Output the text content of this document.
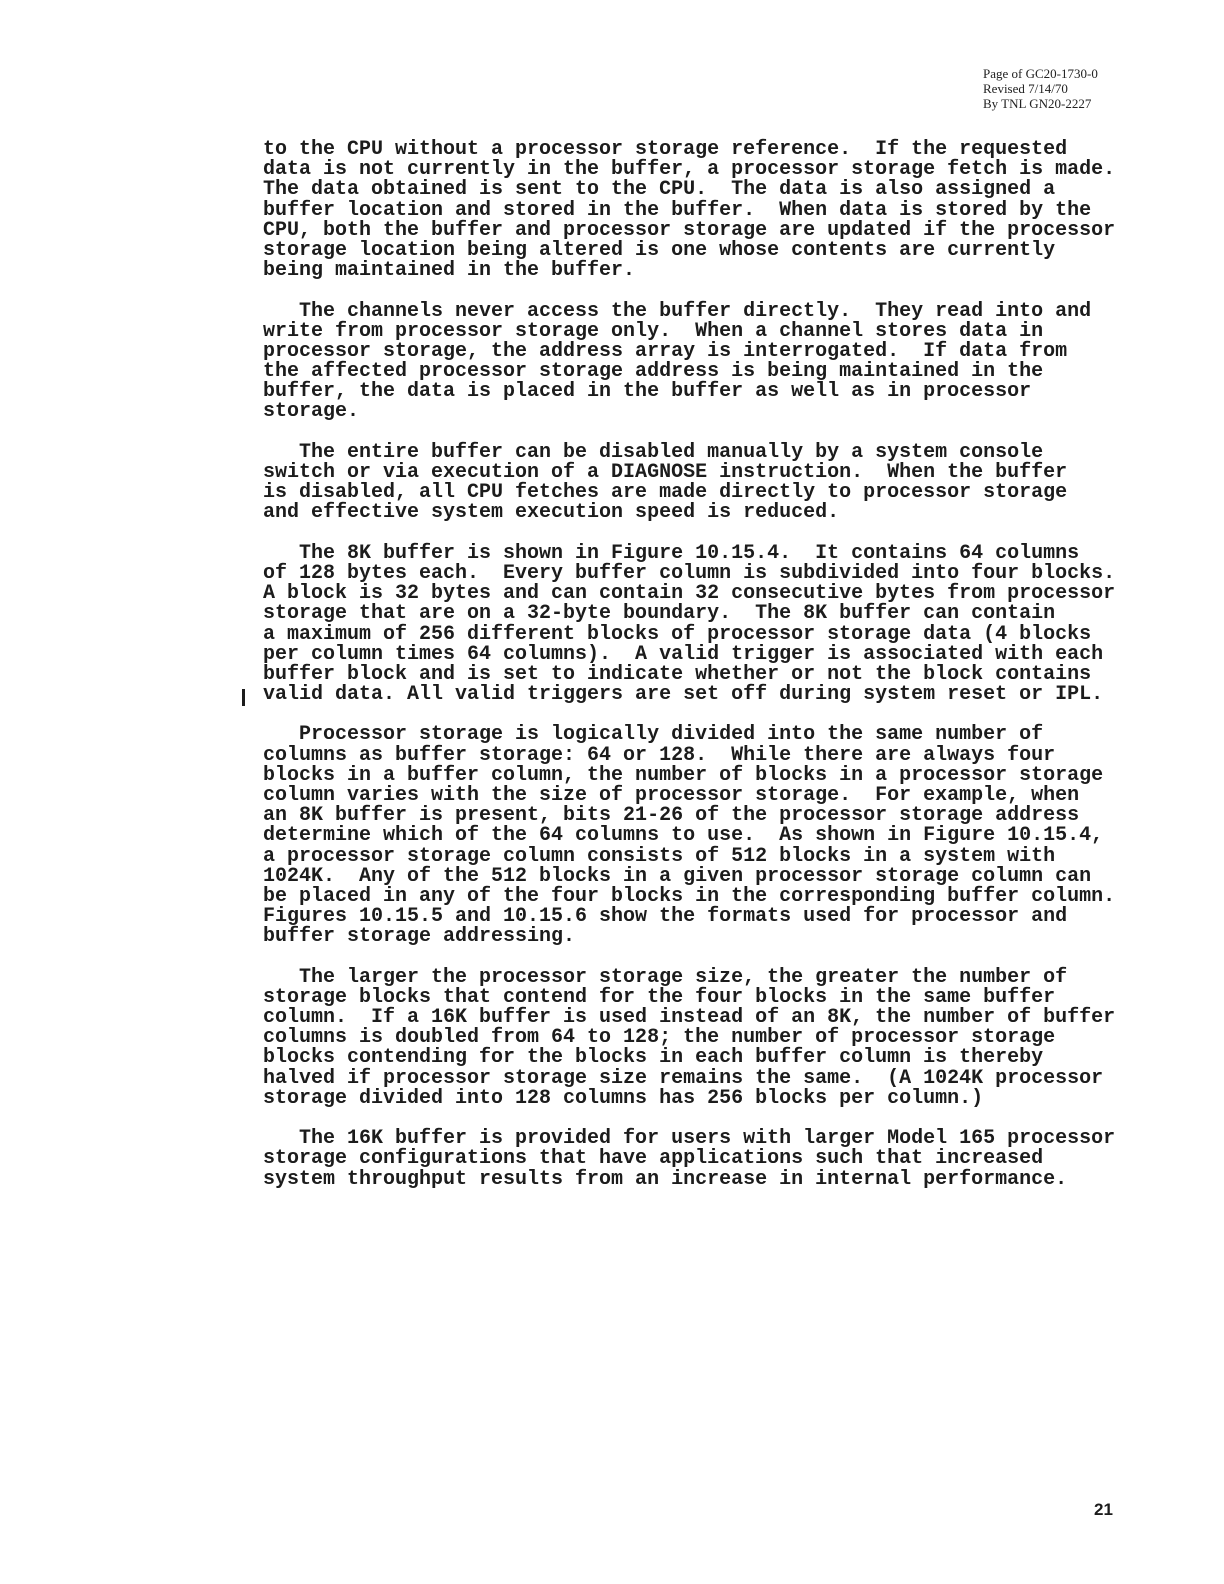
Page of GC20-1730-0
Revised 7/14/70
By TNL GN20-2227
to the CPU without a processor storage reference.  If the requested
data is not currently in the buffer, a processor storage fetch is made.
The data obtained is sent to the CPU.  The data is also assigned a
buffer location and stored in the buffer.  When data is stored by the
CPU, both the buffer and processor storage are updated if the processor
storage location being altered is one whose contents are currently
being maintained in the buffer.
The channels never access the buffer directly.  They read into and
write from processor storage only.  When a channel stores data in
processor storage, the address array is interrogated.  If data from
the affected processor storage address is being maintained in the
buffer, the data is placed in the buffer as well as in processor
storage.
The entire buffer can be disabled manually by a system console
switch or via execution of a DIAGNOSE instruction.  When the buffer
is disabled, all CPU fetches are made directly to processor storage
and effective system execution speed is reduced.
The 8K buffer is shown in Figure 10.15.4.  It contains 64 columns
of 128 bytes each.  Every buffer column is subdivided into four blocks.
A block is 32 bytes and can contain 32 consecutive bytes from processor
storage that are on a 32-byte boundary.  The 8K buffer can contain
a maximum of 256 different blocks of processor storage data (4 blocks
per column times 64 columns).  A valid trigger is associated with each
buffer block and is set to indicate whether or not the block contains
valid data. All valid triggers are set off during system reset or IPL.
Processor storage is logically divided into the same number of
columns as buffer storage: 64 or 128.  While there are always four
blocks in a buffer column, the number of blocks in a processor storage
column varies with the size of processor storage.  For example, when
an 8K buffer is present, bits 21-26 of the processor storage address
determine which of the 64 columns to use.  As shown in Figure 10.15.4,
a processor storage column consists of 512 blocks in a system with
1024K.  Any of the 512 blocks in a given processor storage column can
be placed in any of the four blocks in the corresponding buffer column.
Figures 10.15.5 and 10.15.6 show the formats used for processor and
buffer storage addressing.
The larger the processor storage size, the greater the number of
storage blocks that contend for the four blocks in the same buffer
column.  If a 16K buffer is used instead of an 8K, the number of buffer
columns is doubled from 64 to 128; the number of processor storage
blocks contending for the blocks in each buffer column is thereby
halved if processor storage size remains the same.  (A 1024K processor
storage divided into 128 columns has 256 blocks per column.)
The 16K buffer is provided for users with larger Model 165 processor
storage configurations that have applications such that increased
system throughput results from an increase in internal performance.
21
